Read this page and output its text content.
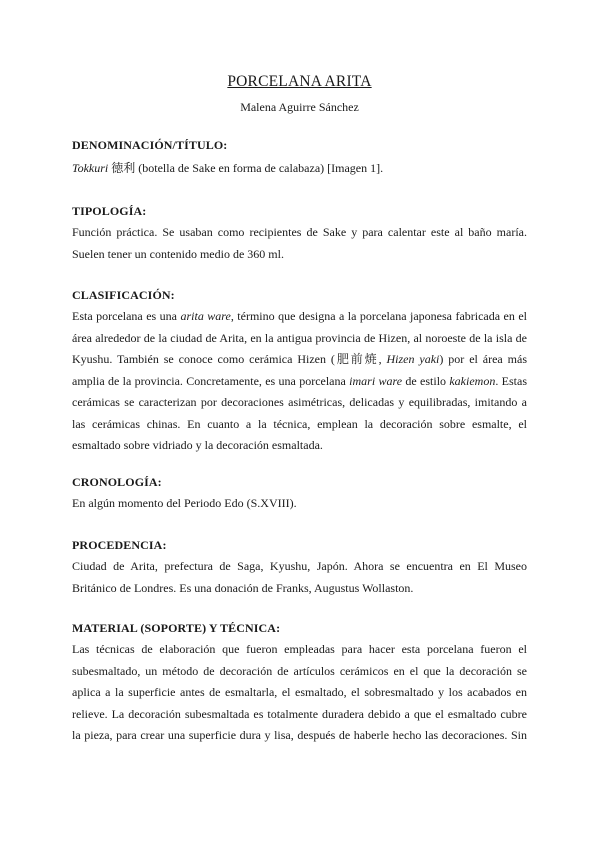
PORCELANA ARITA
Malena Aguirre Sánchez
DENOMINACIÓN/TÍTULO:
Tokkuri 徳利 (botella de Sake en forma de calabaza) [Imagen 1].
TIPOLOGÍA:
Función práctica. Se usaban como recipientes de Sake y para calentar este al baño maría.
Suelen tener un contenido medio de 360 ml.
CLASIFICACIÓN:
Esta porcelana es una arita ware, término que designa a la porcelana japonesa fabricada en el
área alrededor de la ciudad de Arita, en la antigua provincia de Hizen, al noroeste de la isla de
Kyushu. También se conoce como cerámica Hizen (肥前焼, Hizen yaki) por el área más
amplia de la provincia. Concretamente, es una porcelana imari ware de estilo kakiemon. Estas
cerámicas se caracterizan por decoraciones asimétricas, delicadas y equilibradas, imitando a
las cerámicas chinas. En cuanto a la técnica, emplean la decoración sobre esmalte, el
esmaltado sobre vidriado y la decoración esmaltada.
CRONOLOGÍA:
En algún momento del Periodo Edo (S.XVIII).
PROCEDENCIA:
Ciudad de Arita, prefectura de Saga, Kyushu, Japón. Ahora se encuentra en El Museo
Británico de Londres. Es una donación de Franks, Augustus Wollaston.
MATERIAL (SOPORTE) Y TÉCNICA:
Las técnicas de elaboración que fueron empleadas para hacer esta porcelana fueron el
subesmaltado, un método de decoración de artículos cerámicos en el que la decoración se
aplica a la superficie antes de esmaltarla, el esmaltado, el sobresmaltado y los acabados en
relieve. La decoración subesmaltada es totalmente duradera debido a que el esmaltado cubre
la pieza, para crear una superficie dura y lisa, después de haberle hecho las decoraciones. Sin
